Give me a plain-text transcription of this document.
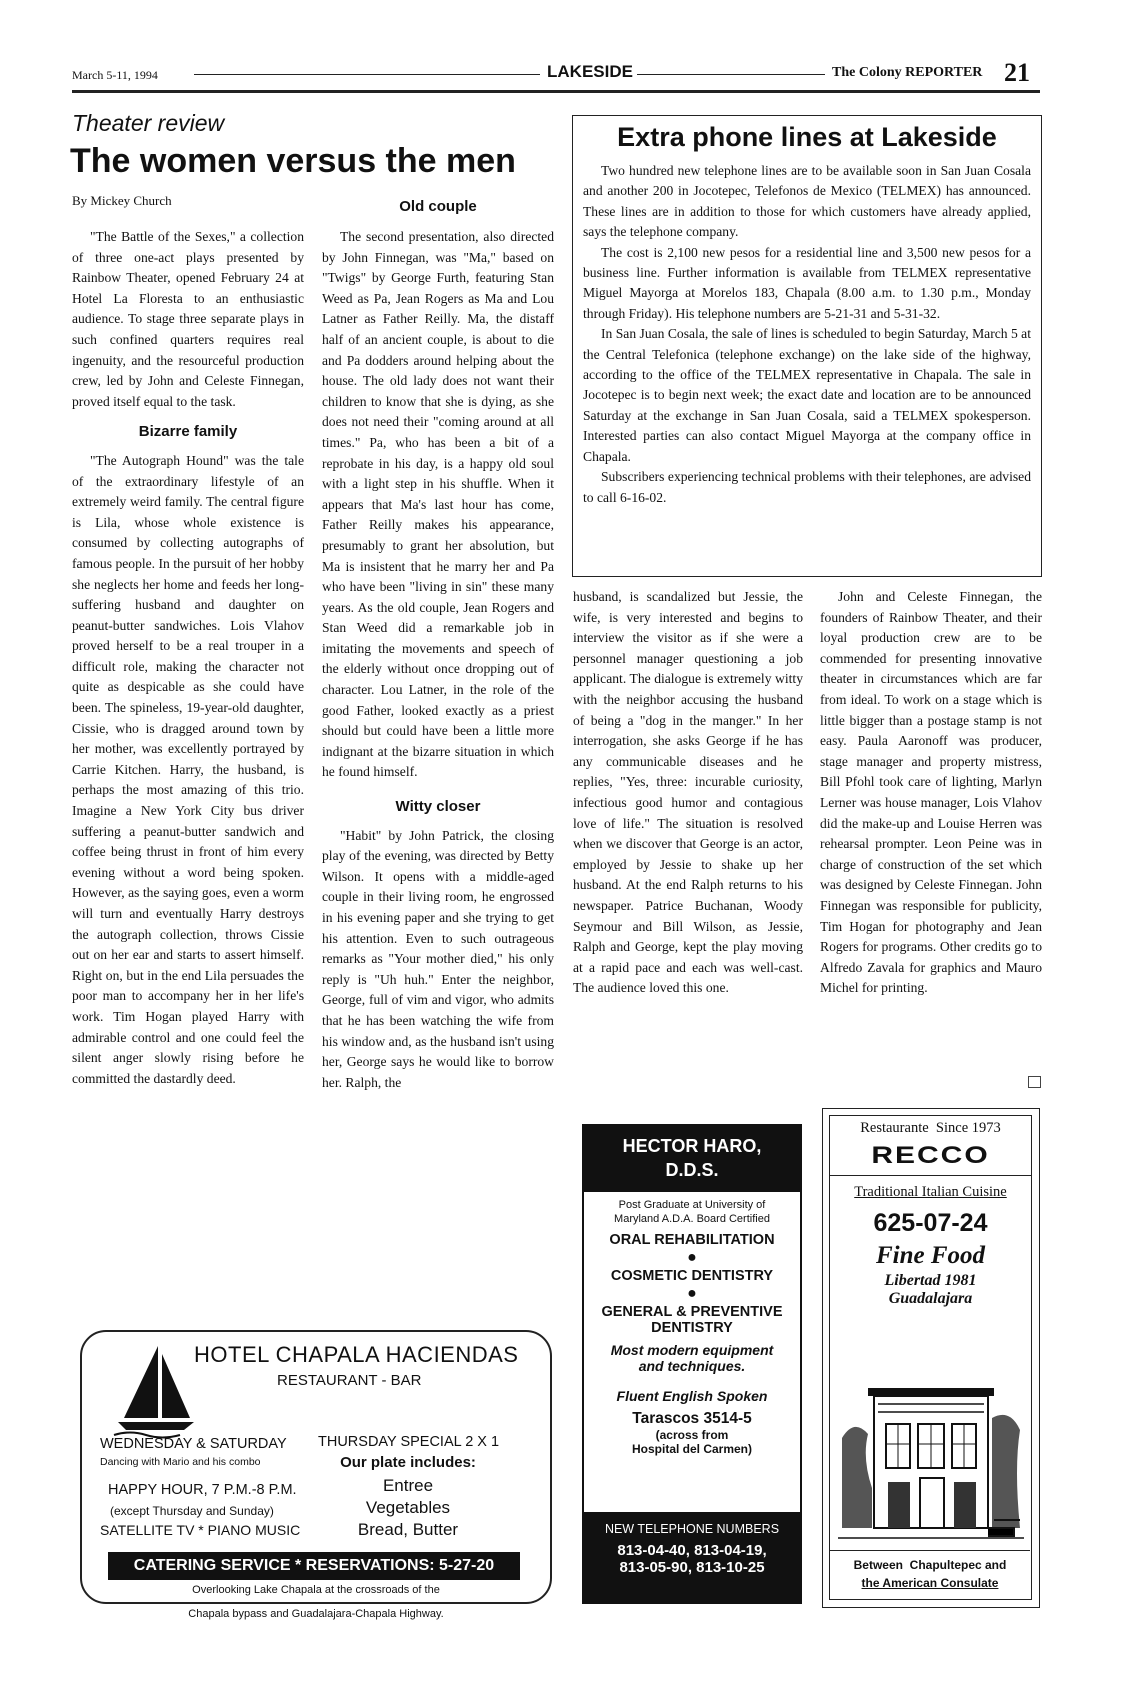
March 5-11, 1994	LAKESIDE	The Colony REPORTER 21
Theater review
The women versus the men
By Mickey Church

"The Battle of the Sexes," a collection of three one-act plays presented by Rainbow Theater, opened February 24 at Hotel La Floresta to an enthusiastic audience. To stage three separate plays in such confined quarters requires real ingenuity, and the resourceful production crew, led by John and Celeste Finnegan, proved itself equal to the task.

Bizarre family

"The Autograph Hound" was the tale of the extraordinary lifestyle of an extremely weird family. The central figure is Lila, whose whole existence is consumed by collecting autographs of famous people. In the pursuit of her hobby she neglects her home and feeds her long-suffering husband and daughter on peanut-butter sandwiches. Lois Vlahov proved herself to be a real trouper in a difficult role, making the character not quite as despicable as she could have been. The spineless, 19-year-old daughter, Cissie, who is dragged around town by her mother, was excellently portrayed by Carrie Kitchen. Harry, the husband, is perhaps the most amazing of this trio. Imagine a New York City bus driver suffering a peanut-butter sandwich and coffee being thrust in front of him every evening without a word being spoken. However, as the saying goes, even a worm will turn and eventually Harry destroys the autograph collection, throws Cissie out on her ear and starts to assert himself. Right on, but in the end Lila persuades the poor man to accompany her in her life's work. Tim Hogan played Harry with admirable control and one could feel the silent anger slowly rising before he committed the dastardly deed.

Old couple

The second presentation, also directed by John Finnegan, was "Ma," based on "Twigs" by George Furth, featuring Stan Weed as Pa, Jean Rogers as Ma and Lou Latner as Father Reilly. Ma, the distaff half of an ancient couple, is about to die and Pa dodders around helping about the house. The old lady does not want their children to know that she is dying, as she does not need their "coming around at all times." Pa, who has been a bit of a reprobate in his day, is a happy old soul with a light step in his shuffle. When it appears that Ma's last hour has come, Father Reilly makes his appearance, presumably to grant her absolution, but Ma is insistent that he marry her and Pa who have been "living in sin" these many years. As the old couple, Jean Rogers and Stan Weed did a remarkable job in imitating the movements and speech of the elderly without once dropping out of character. Lou Latner, in the role of the good Father, looked exactly as a priest should but could have been a little more indignant at the bizarre situation in which he found himself.

Witty closer

"Habit" by John Patrick, the closing play of the evening, was directed by Betty Wilson. It opens with a middle-aged couple in their living room, he engrossed in his evening paper and she trying to get his attention. Even to such outrageous remarks as "Your mother died," his only reply is "Uh huh." Enter the neighbor, George, full of vim and vigor, who admits that he has been watching the wife from his window and, as the husband isn't using her, George says he would like to borrow her. Ralph, the

husband, is scandalized but Jessie, the wife, is very interested and begins to interview the visitor as if she were a personnel manager questioning a job applicant. The dialogue is extremely witty with the neighbor accusing the husband of being a "dog in the manger." In her interrogation, she asks George if he has any communicable diseases and he replies, "Yes, three: incurable curiosity, infectious good humor and contagious love of life." The situation is resolved when we discover that George is an actor, employed by Jessie to shake up her husband. At the end Ralph returns to his newspaper. Patrice Buchanan, Woody Seymour and Bill Wilson, as Jessie, Ralph and George, kept the play moving at a rapid pace and each was well-cast. The audience loved this one.

John and Celeste Finnegan, the founders of Rainbow Theater, and their loyal production crew are to be commended for presenting innovative theater in circumstances which are far from ideal. To work on a stage which is little bigger than a postage stamp is not easy. Paula Aaronoff was producer, stage manager and property mistress, Bill Pfohl took care of lighting, Marlyn Lerner was house manager, Lois Vlahov did the make-up and Louise Herren was rehearsal prompter. Leon Peine was in charge of construction of the set which was designed by Celeste Finnegan. John Finnegan was responsible for publicity, Tim Hogan for photography and Jean Rogers for programs. Other credits go to Alfredo Zavala for graphics and Mauro Michel for printing.

Extra phone lines at Lakeside

Two hundred new telephone lines are to be available soon in San Juan Cosala and another 200 in Jocotepec, Telefonos de Mexico (TELMEX) has announced. These lines are in addition to those for which customers have already applied, says the telephone company.

The cost is 2,100 new pesos for a residential line and 3,500 new pesos for a business line. Further information is available from TELMEX representative Miguel Mayorga at Morelos 183, Chapala (8.00 a.m. to 1.30 p.m., Monday through Friday). His telephone numbers are 5-21-31 and 5-31-32.

In San Juan Cosala, the sale of lines is scheduled to begin Saturday, March 5 at the Central Telefonica (telephone exchange) on the lake side of the highway, according to the office of the TELMEX representative in Chapala. The sale in Jocotepec is to begin next week; the exact date and location are to be announced Saturday at the exchange in San Juan Cosala, said a TELMEX spokesperson. Interested parties can also contact Miguel Mayorga at the company office in Chapala.

Subscribers experiencing technical problems with their telephones, are advised to call 6-16-02.

HOTEL CHAPALA HACIENDAS
RESTAURANT - BAR
WEDNESDAY & SATURDAY
Dancing with Mario and his combo
HAPPY HOUR, 7 P.M.-8 P.M.
(except Thursday and Sunday)
SATELLITE TV * PIANO MUSIC
THURSDAY SPECIAL 2 X 1
Our plate includes:
Entree
Vegetables
Bread, Butter
CATERING SERVICE * RESERVATIONS: 5-27-20
Overlooking Lake Chapala at the crossroads of the
Chapala bypass and Guadalajara-Chapala Highway.
HECTOR HARO,
D.D.S.
Post Graduate at University of
Maryland A.D.A. Board Certified
ORAL REHABILITATION
●
COSMETIC DENTISTRY
●
GENERAL & PREVENTIVE
DENTISTRY
Most modern equipment
and techniques.
Fluent English Spoken
Tarascos 3514-5
(across from
Hospital del Carmen)
NEW TELEPHONE NUMBERS
813-04-40, 813-04-19,
813-05-90, 813-10-25
Restaurante  Since 1973
RECCO
Traditional Italian Cuisine
625-07-24
Fine Food
Libertad 1981
Guadalajara
Between  Chapultepec and
the American Consulate
